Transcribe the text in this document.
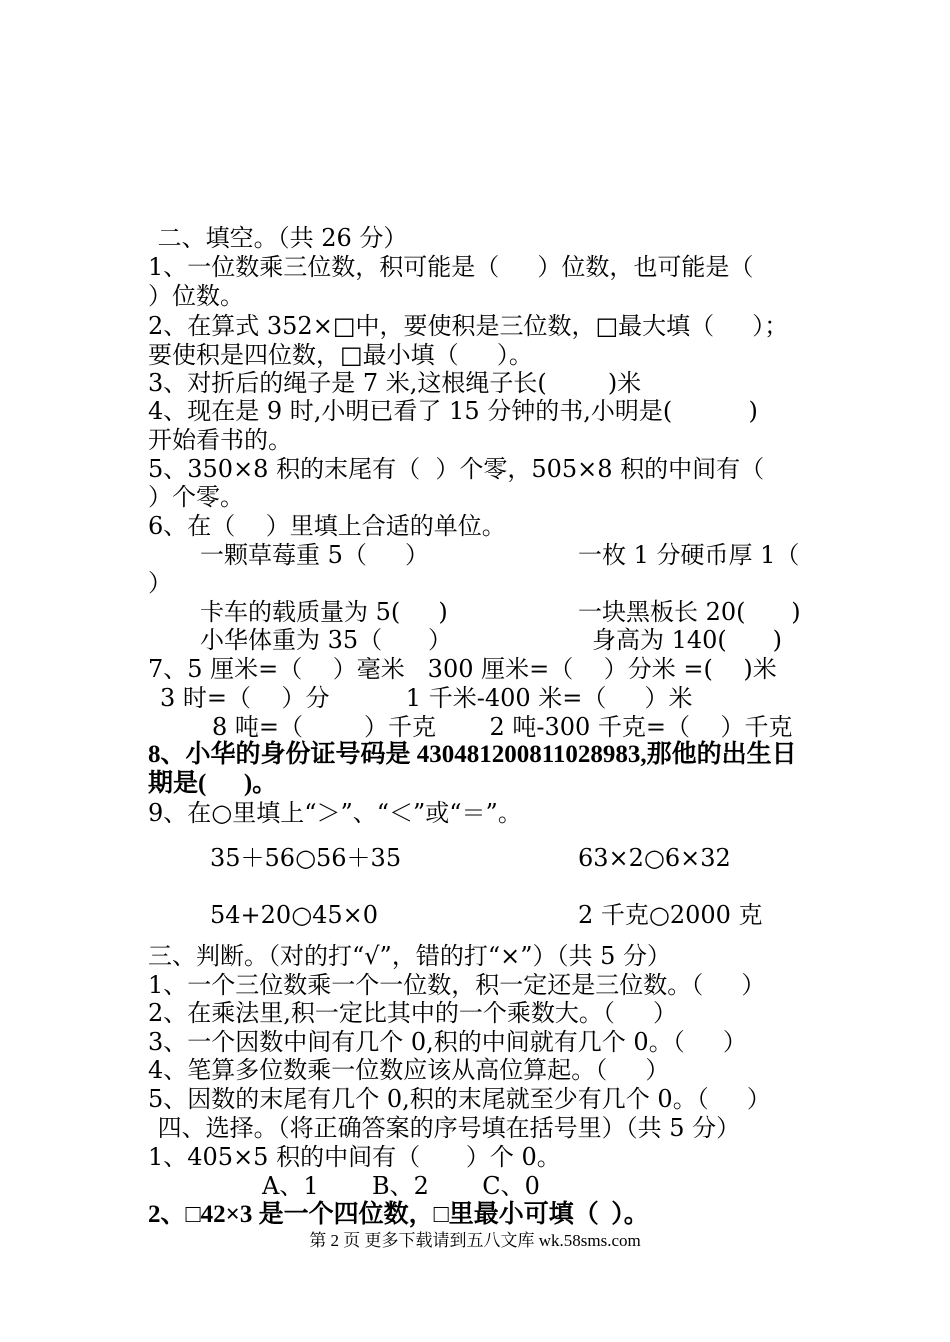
二、填空。（共 26 分）
1、一位数乘三位数，积可能是（     ）位数，也可能是（
）位数。
2、在算式 352×□中，要使积是三位数，□最大填（     ）；
要使积是四位数，□最小填（     ）。
3、对折后的绳子是 7 米,这根绳子长(        )米
4、现在是 9 时,小明已看了 15 分钟的书,小明是(          )
开始看书的。
5、350×8 积的末尾有（  ）个零，505×8 积的中间有（
）个零。
6、在（    ）里填上合适的单位。
一颗草莓重 5（     ）	一枚 1 分硬币厚 1（
）
卡车的载质量为 5(     )	一块黑板长 20(      )
小华体重为 35（      ）	身高为 140(      )
7、5 厘米=（    ）毫米   300 厘米=（    ）分米 =(    )米
3 时=（    ）分          1 千米-400 米=（     ）米
8 吨=（        ）千克       2 吨-300 千克=（    ）千克
8、小华的身份证号码是 430481200811028983,那他的出生日
期是(      )。
9、在○里填上“＞”、“＜”或“＝”。
35＋56○56＋35	63×2○6×32
54+20○45×0	2 千克○2000 克
三、判断。（对的打“√”，错的打“×”）（共 5 分）
1、一个三位数乘一个一位数，积一定还是三位数。（     ）
2、在乘法里,积一定比其中的一个乘数大。（     ）
3、一个因数中间有几个 0,积的中间就有几个 0。（     ）
4、笔算多位数乘一位数应该从高位算起。（     ）
5、因数的末尾有几个 0,积的末尾就至少有几个 0。（     ）
四、选择。（将正确答案的序号填在括号里）（共 5 分）
1、405×5 积的中间有（      ）个 0。
A、1       B、2       C、0
2、□42×3 是一个四位数，□里最小可填（  ）。
第 2 页 更多下载请到五八文库 wk.58sms.com
